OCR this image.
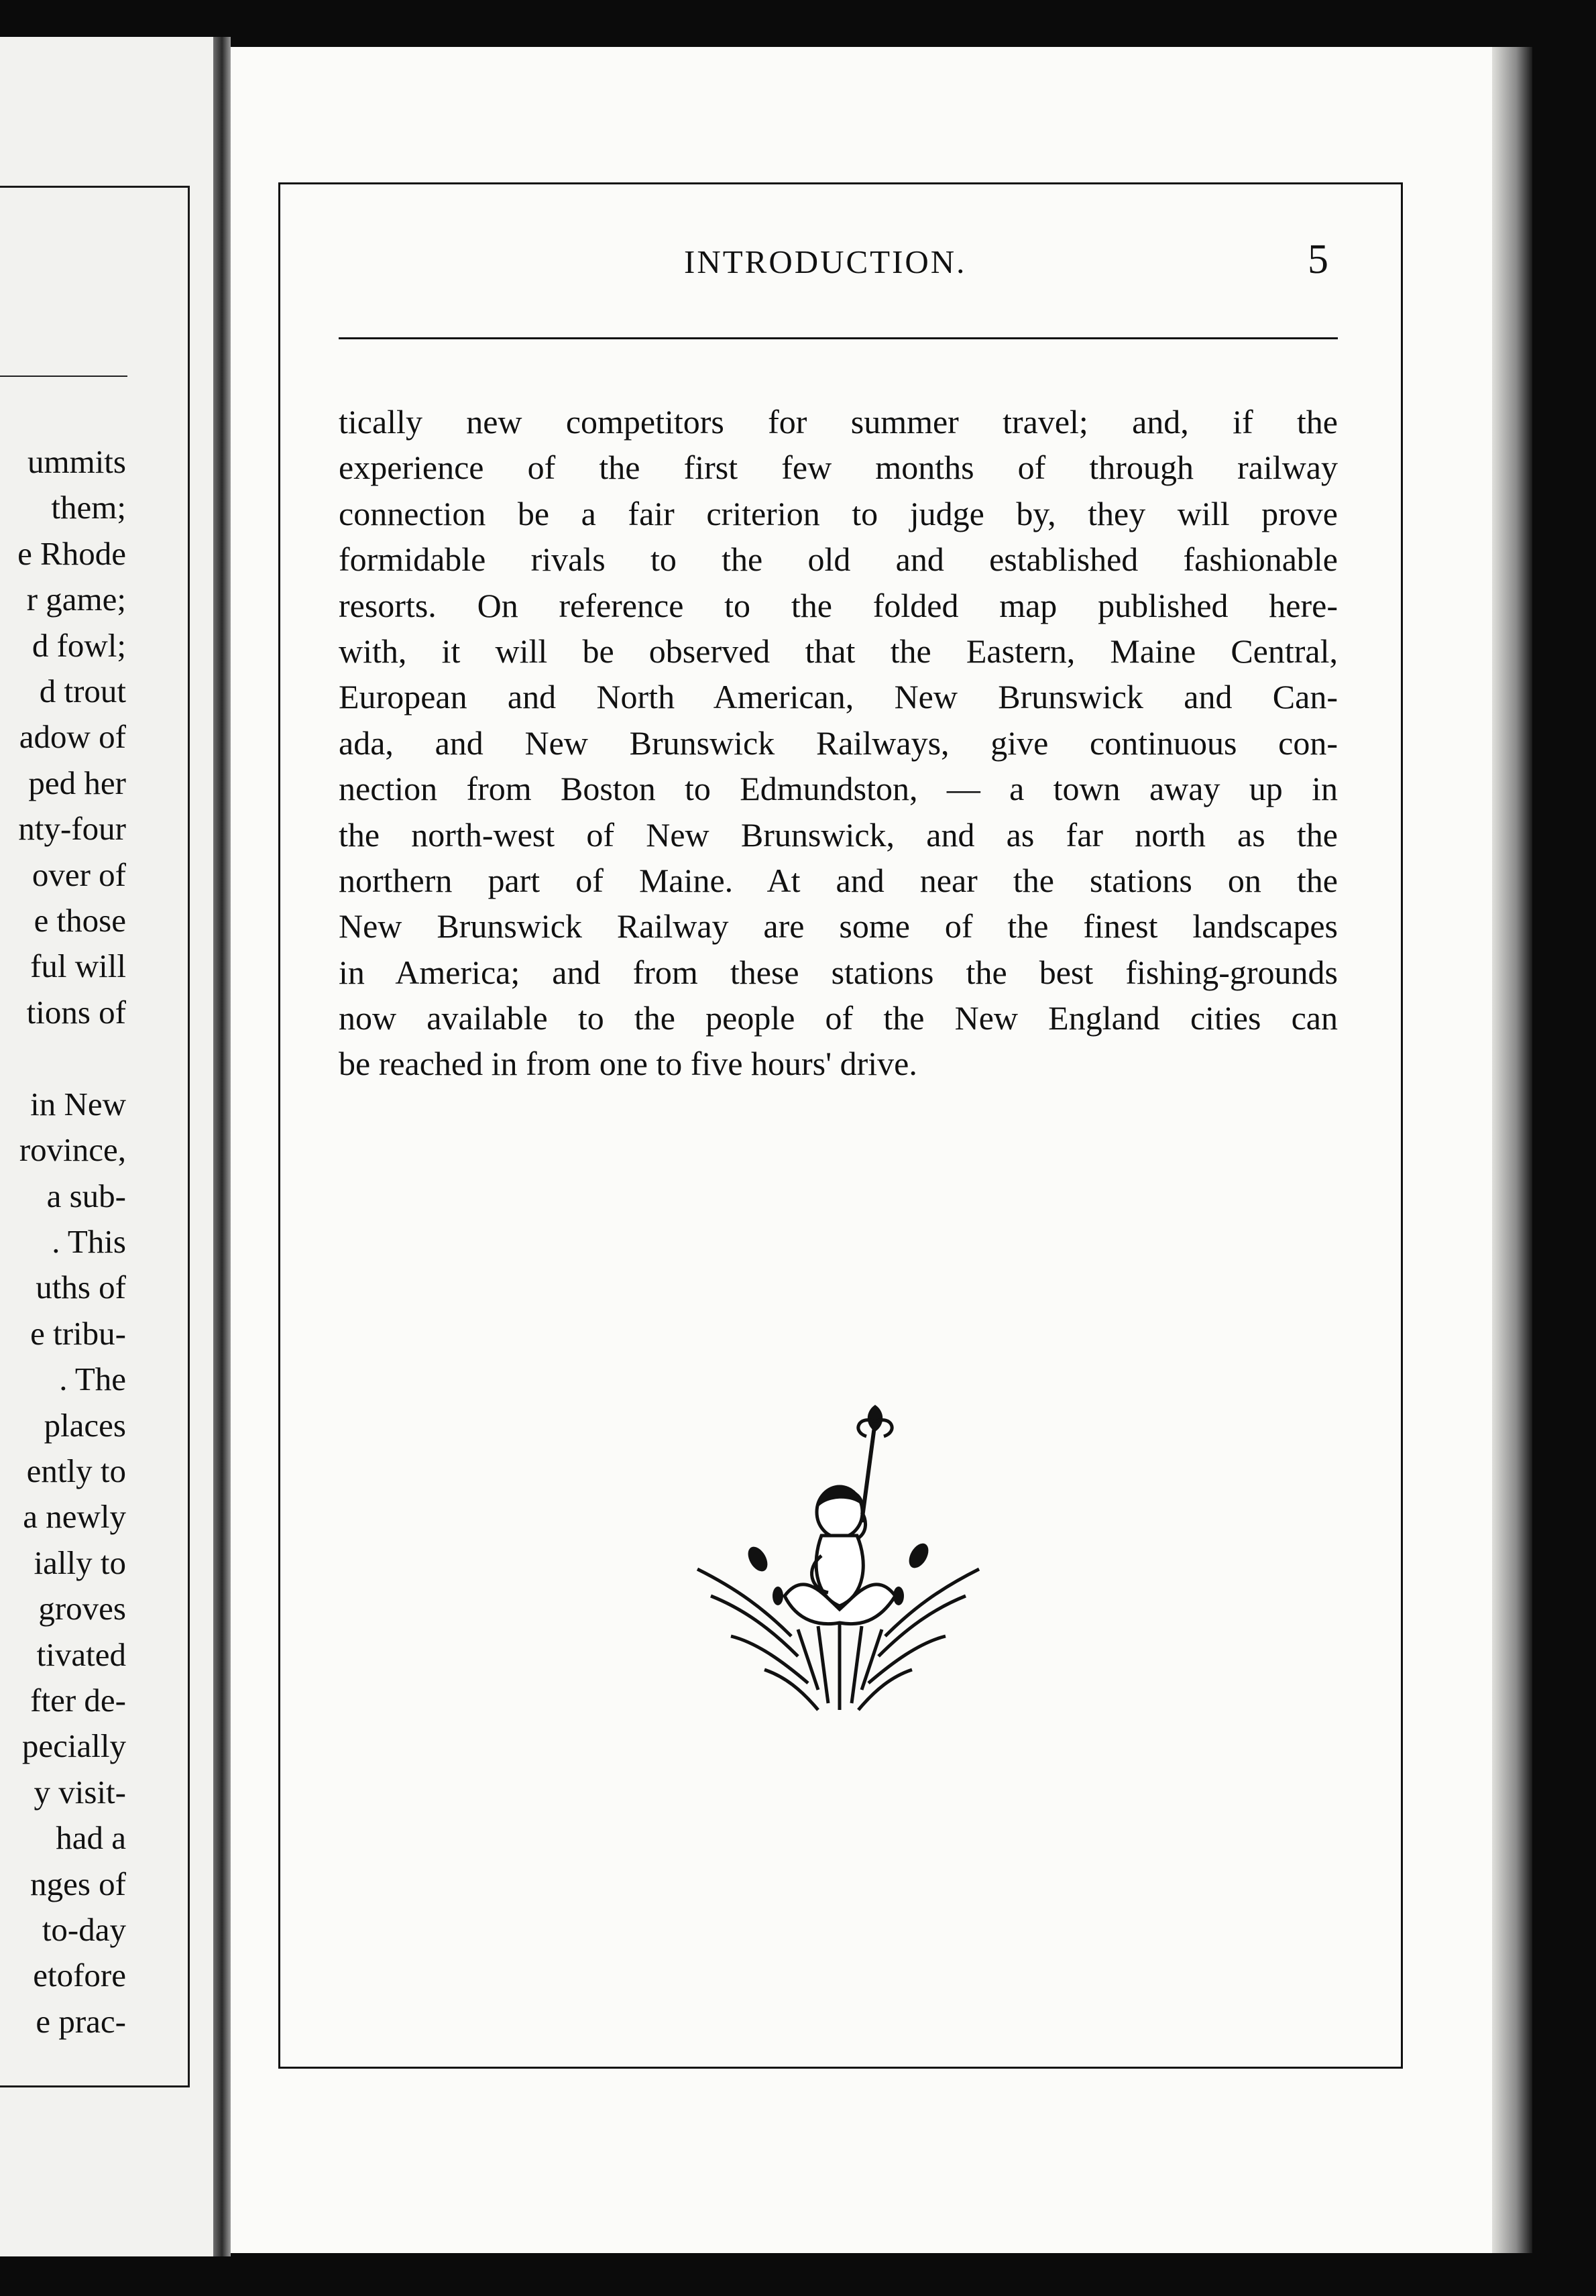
ummits
them;
e Rhode
r game;
d fowl;
d trout
adow of
ped her
nty-four
over of
e those
ful will
tions of

in New
rovince,
a sub-
. This
uths of
e tribu-
. The
places
ently to
a newly
ially to
groves
tivated
fter de-
pecially
y visit-
had a
nges of
to-day
etofore
e prac-
INTRODUCTION.	5
tically new competitors for summer travel; and, if the
experience of the first few months of through railway
connection be a fair criterion to judge by, they will prove
formidable rivals to the old and established fashionable
resorts. On reference to the folded map published here-
with, it will be observed that the Eastern, Maine Central,
European and North American, New Brunswick and Can-
ada, and New Brunswick Railways, give continuous con-
nection from Boston to Edmundston, — a town away up in
the north-west of New Brunswick, and as far north as the
northern part of Maine. At and near the stations on the
New Brunswick Railway are some of the finest landscapes
in America; and from these stations the best fishing-grounds
now available to the people of the New England cities can
be reached in from one to five hours' drive.
